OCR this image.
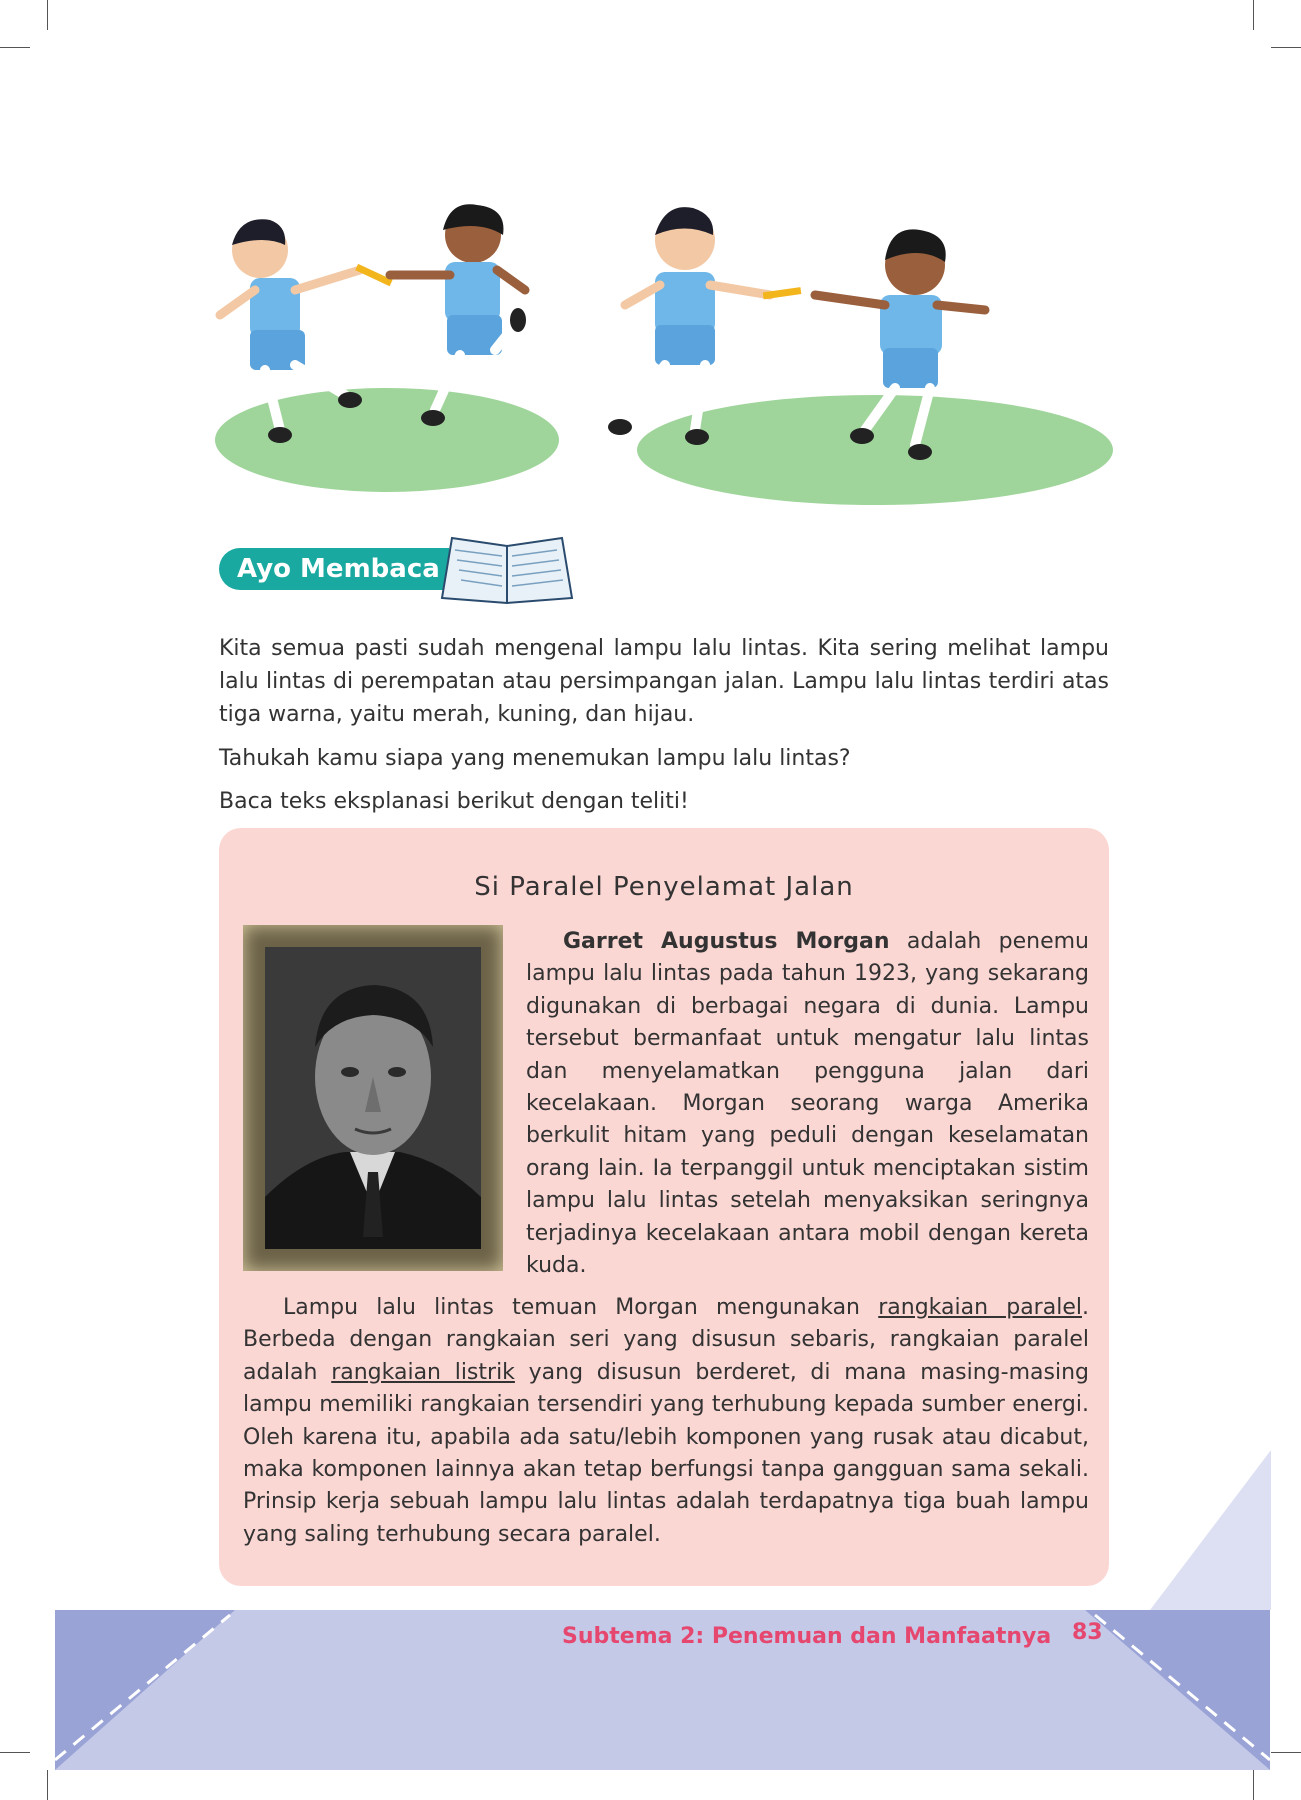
Ayo Membaca
Kita semua pasti sudah mengenal lampu lalu lintas. Kita sering melihat lampu lalu lintas di perempatan atau persimpangan jalan. Lampu lalu lintas terdiri atas tiga warna, yaitu merah, kuning, dan hijau.
Tahukah kamu siapa yang menemukan lampu lalu lintas?
Baca teks eksplanasi berikut dengan teliti!
Si Paralel Penyelamat Jalan
Garret Augustus Morgan adalah penemu lampu lalu lintas pada tahun 1923, yang sekarang digunakan di berbagai negara di dunia. Lampu tersebut bermanfaat untuk mengatur lalu lintas dan menyelamatkan pengguna jalan dari kecelakaan. Morgan seorang warga Amerika berkulit hitam yang peduli dengan keselamatan orang lain. Ia terpanggil untuk menciptakan sistim lampu lalu lintas setelah menyaksikan seringnya terjadinya kecelakaan antara mobil dengan kereta kuda.
Lampu lalu lintas temuan Morgan mengunakan rangkaian paralel. Berbeda dengan rangkaian seri yang disusun sebaris, rangkaian paralel adalah rangkaian listrik yang disusun berderet, di mana masing-masing lampu memiliki rangkaian tersendiri yang terhubung kepada sumber energi. Oleh karena itu, apabila ada satu/lebih komponen yang rusak atau dicabut, maka komponen lainnya akan tetap berfungsi tanpa gangguan sama sekali. Prinsip kerja sebuah lampu lalu lintas adalah terdapatnya tiga buah lampu yang saling terhubung secara paralel.
Subtema 2: Penemuan dan Manfaatnya 83
